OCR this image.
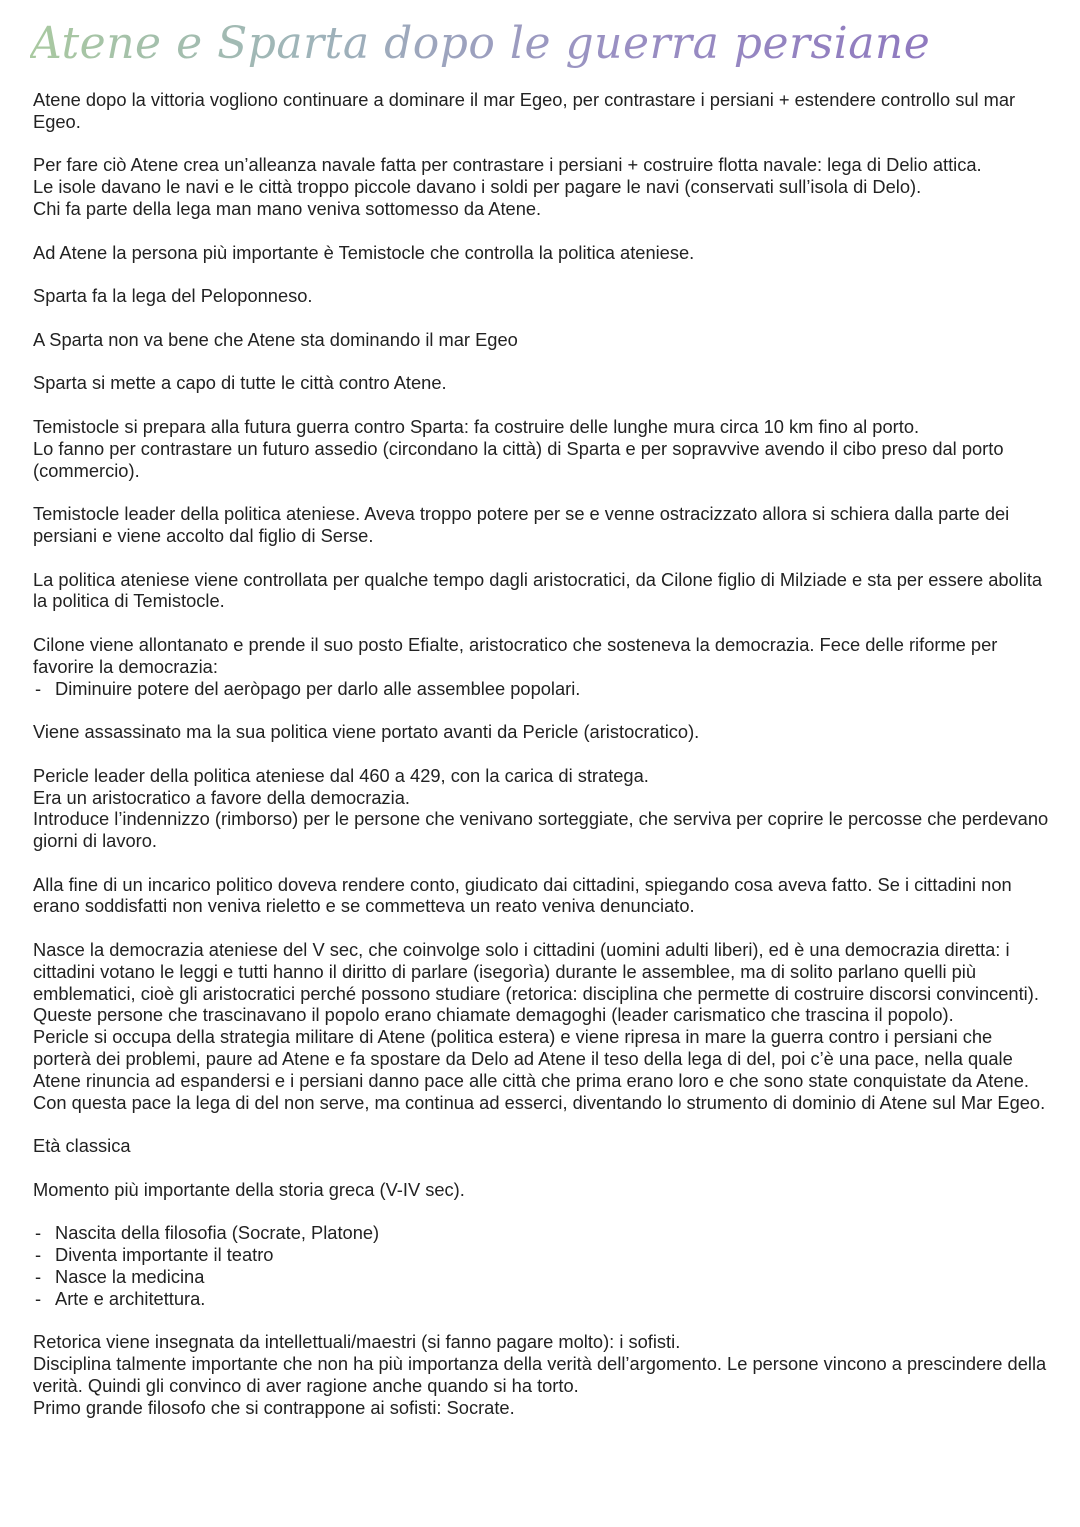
Atene e Sparta dopo le guerra persiane

Atene dopo la vittoria vogliono continuare a dominare il mar Egeo, per contrastare i persiani + estendere controllo sul mar Egeo.

Per fare ciò Atene crea un’alleanza navale fatta per contrastare i persiani + costruire flotta navale: lega di Delio attica.
Le isole davano le navi e le città troppo piccole davano i soldi per pagare le navi (conservati sull’isola di Delo).
Chi fa parte della lega man mano veniva sottomesso da Atene.

Ad Atene la persona più importante è Temistocle che controlla la politica ateniese.

Sparta fa la lega del Peloponneso.

A Sparta non va bene che Atene sta dominando il mar Egeo

Sparta si mette a capo di tutte le città contro Atene.

Temistocle si prepara alla futura guerra contro Sparta: fa costruire delle lunghe mura circa 10 km fino al porto.
Lo fanno per contrastare un futuro assedio (circondano la città) di Sparta e per sopravvive avendo il cibo preso dal porto (commercio).

Temistocle leader della politica ateniese. Aveva troppo potere per se e venne ostracizzato allora si schiera dalla parte dei persiani e viene accolto dal figlio di Serse.

La politica ateniese viene controllata per qualche tempo dagli aristocratici, da Cilone figlio di Milziade e sta per essere abolita la politica di Temistocle.

Cilone viene allontanato e prende il suo posto Efialte, aristocratico che sosteneva la democrazia. Fece delle riforme per favorire la democrazia:
- Diminuire potere del aeròpago per darlo alle assemblee popolari.

Viene assassinato ma la sua politica viene portato avanti da Pericle (aristocratico).

Pericle leader della politica ateniese dal 460 a 429, con la carica di stratega.
Era un aristocratico a favore della democrazia.
Introduce l’indennizzo (rimborso) per le persone che venivano sorteggiate, che serviva per coprire le percosse che perdevano giorni di lavoro.

Alla fine di un incarico politico doveva rendere conto, giudicato dai cittadini, spiegando cosa aveva fatto. Se i cittadini non erano soddisfatti non veniva rieletto e se commetteva un reato veniva denunciato.

Nasce la democrazia ateniese del V sec, che coinvolge solo i cittadini (uomini adulti liberi), ed è una democrazia diretta: i cittadini votano le leggi e tutti hanno il diritto di parlare (isegorìa) durante le assemblee, ma di solito parlano quelli più emblematici, cioè gli aristocratici perché possono studiare (retorica: disciplina che permette di costruire discorsi convincenti).
Queste persone che trascinavano il popolo erano chiamate demagoghi (leader carismatico che trascina il popolo).
Pericle si occupa della strategia militare di Atene (politica estera) e viene ripresa in mare la guerra contro i persiani che porterà dei problemi, paure ad Atene e fa spostare da Delo ad Atene il teso della lega di del, poi c’è una pace, nella quale Atene rinuncia ad espandersi e i persiani danno pace alle città che prima erano loro e che sono state conquistate da Atene. Con questa pace la lega di del non serve, ma continua ad esserci, diventando lo strumento di dominio di Atene sul Mar Egeo.

Età classica

Momento più importante della storia greca (V-IV sec).

- Nascita della filosofia (Socrate, Platone)
- Diventa importante il teatro
- Nasce la medicina
- Arte e architettura.

Retorica viene insegnata da intellettuali/maestri (si fanno pagare molto): i sofisti.
Disciplina talmente importante che non ha più importanza della verità dell’argomento. Le persone vincono a prescindere della verità. Quindi gli convinco di aver ragione anche quando si ha torto.
Primo grande filosofo che si contrappone ai sofisti: Socrate.
